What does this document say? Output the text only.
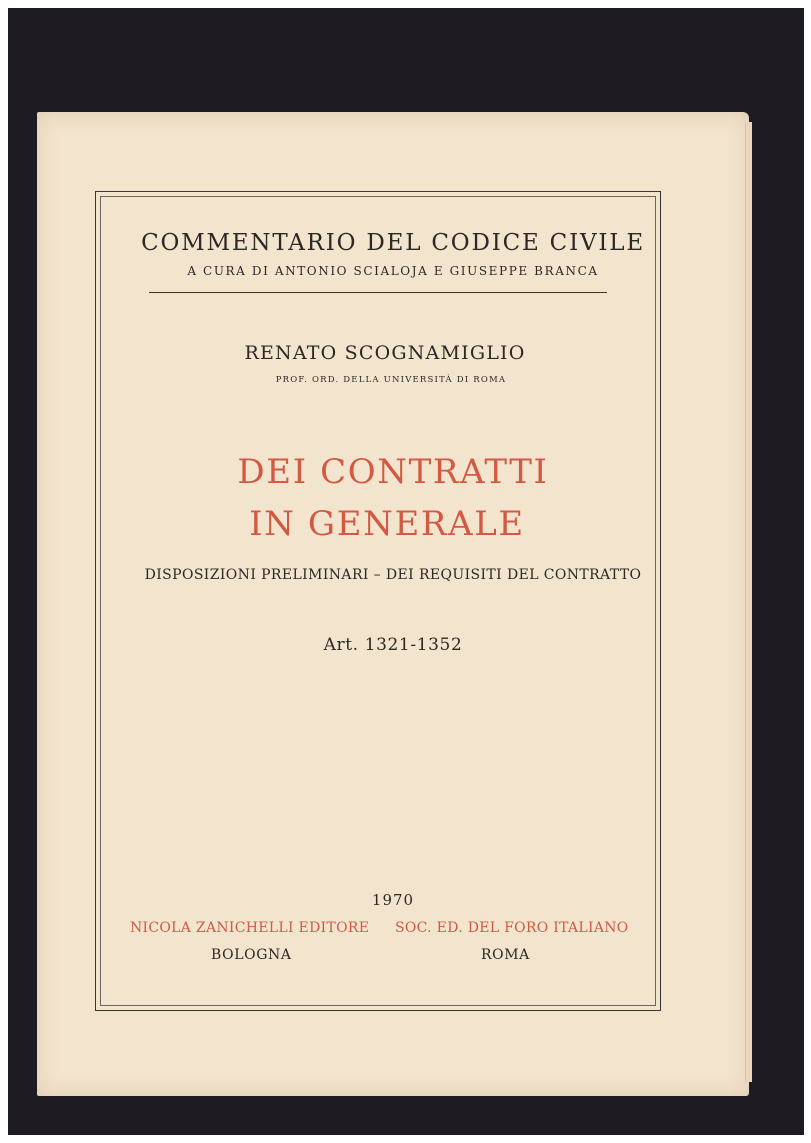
COMMENTARIO DEL CODICE CIVILE
A CURA DI ANTONIO SCIALOJA E GIUSEPPE BRANCA
RENATO SCOGNAMIGLIO
PROF. ORD. DELLA UNIVERSITÀ DI ROMA
DEI CONTRATTI
IN GENERALE
DISPOSIZIONI PRELIMINARI – DEI REQUISITI DEL CONTRATTO
Art. 1321-1352
1970
NICOLA ZANICHELLI EDITORE SOC. ED. DEL FORO ITALIANO
BOLOGNA	ROMA
